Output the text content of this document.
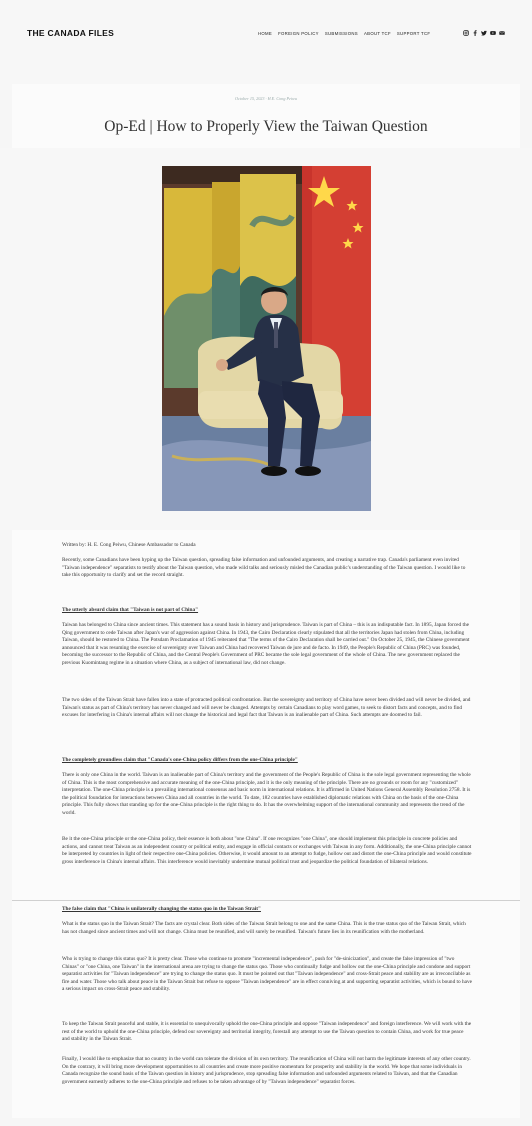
THE CANADA FILES	HOME FOREIGN POLICY SUBMISSIONS ABOUT TCF SUPPORT TCF
October 15, 2023 · H.E. Cong Peiwu
Op-Ed | How to Properly View the Taiwan Question

Written by: H. E. Cong Peiwu, Chinese Ambassador to Canada

Recently, some Canadians have been hyping up the Taiwan question, spreading false information and unfounded arguments, and creating a narrative trap. Canada's parliament even invited "Taiwan independence" separatists to testify about the Taiwan question, who made wild talks and seriously misled the Canadian public's understanding of the Taiwan question. I would like to take this opportunity to clarify and set the record straight.

The utterly absurd claim that "Taiwan is not part of China"

Taiwan has belonged to China since ancient times. This statement has a sound basis in history and jurisprudence. Taiwan is part of China – this is an indisputable fact. In 1895, Japan forced the Qing government to cede Taiwan after Japan's war of aggression against China. In 1943, the Cairo Declaration clearly stipulated that all the territories Japan had stolen from China, including Taiwan, should be restored to China. The Potsdam Proclamation of 1945 reiterated that "The terms of the Cairo Declaration shall be carried out." On October 25, 1945, the Chinese government announced that it was resuming the exercise of sovereignty over Taiwan and China had recovered Taiwan de jure and de facto. In 1949, the People's Republic of China (PRC) was founded, becoming the successor to the Republic of China, and the Central People's Government of PRC became the sole legal government of the whole of China. The new government replaced the previous Kuomintang regime in a situation where China, as a subject of international law, did not change.

The two sides of the Taiwan Strait have fallen into a state of protracted political confrontation. But the sovereignty and territory of China have never been divided and will never be divided, and Taiwan's status as part of China's territory has never changed and will never be changed. Attempts by certain Canadians to play word games, to seek to distort facts and concepts, and to find excuses for interfering in China's internal affairs will not change the historical and legal fact that Taiwan is an inalienable part of China. Such attempts are doomed to fail.

The completely groundless claim that "Canada's one-China policy differs from the one-China principle"

There is only one China in the world. Taiwan is an inalienable part of China's territory and the government of the People's Republic of China is the sole legal government representing the whole of China. This is the most comprehensive and accurate meaning of the one-China principle, and it is the only meaning of the principle. There are no grounds or room for any "customized" interpretation. The one-China principle is a prevailing international consensus and basic norm in international relations. It is affirmed in United Nations General Assembly Resolution 2758. It is the political foundation for interactions between China and all countries in the world. To date, 182 countries have established diplomatic relations with China on the basis of the one-China principle. This fully shows that standing up for the one-China principle is the right thing to do. It has the overwhelming support of the international community and represents the trend of the world.

Be it the one-China principle or the one-China policy, their essence is both about "one China". If one recognizes "one China", one should implement this principle in concrete policies and actions, and cannot treat Taiwan as an independent country or political entity, and engage in official contacts or exchanges with Taiwan in any form. Additionally, the one-China principle cannot be interpreted by countries in light of their respective one-China policies. Otherwise, it would amount to an attempt to fudge, hollow out and distort the one-China principle and would constitute gross interference in China's internal affairs. This interference would inevitably undermine mutual political trust and jeopardize the political foundation of bilateral relations.

The false claim that "China is unilaterally changing the status quo in the Taiwan Strait"

What is the status quo in the Taiwan Strait? The facts are crystal clear. Both sides of the Taiwan Strait belong to one and the same China. This is the true status quo of the Taiwan Strait, which has not changed since ancient times and will not change. China must be reunified, and will surely be reunified. Taiwan's future lies in its reunification with the motherland.

Who is trying to change this status quo? It is pretty clear. Those who continue to promote "incremental independence", push for "de-sinicization", and create the false impression of "two Chinas" or "one China, one Taiwan" in the international arena are trying to change the status quo. Those who continually fudge and hollow out the one-China principle and condone and support separatist activities for "Taiwan independence" are trying to change the status quo. It must be pointed out that "Taiwan independence" and cross-Strait peace and stability are as irreconcilable as fire and water. Those who talk about peace in the Taiwan Strait but refuse to oppose "Taiwan independence" are in effect conniving at and supporting separatist activities, which is bound to have a serious impact on cross-Strait peace and stability.

To keep the Taiwan Strait peaceful and stable, it is essential to unequivocally uphold the one-China principle and oppose "Taiwan independence" and foreign interference. We will work with the rest of the world to uphold the one-China principle, defend our sovereignty and territorial integrity, forestall any attempt to use the Taiwan question to contain China, and work for true peace and stability in the Taiwan Strait.

Finally, I would like to emphasize that no country in the world can tolerate the division of its own territory. The reunification of China will not harm the legitimate interests of any other country. On the contrary, it will bring more development opportunities to all countries and create more positive momentum for prosperity and stability in the world. We hope that some individuals in Canada recognize the sound basis of the Taiwan question in history and jurisprudence, stop spreading false information and unfounded arguments related to Taiwan, and that the Canadian government earnestly adheres to the one-China principle and refuses to be taken advantage of by "Taiwan independence" separatist forces.
